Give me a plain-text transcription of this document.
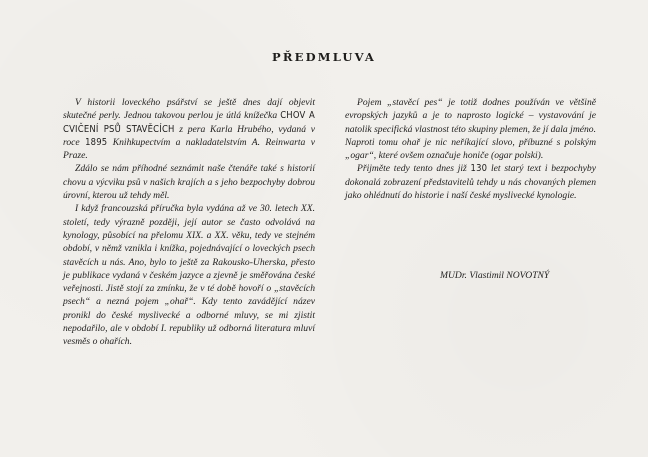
PŘEDMLUVA

V historii loveckého psářství se ještě dnes dají objevit skutečné perly. Jednou takovou perlou je útlá knížečka CHOV A CVIČENÍ PSŮ STAVĚCÍCH z pera Karla Hrubého, vydaná v roce 1895 Knihkupectvím a nakladatelstvím A. Reinwarta v Praze.

Zdálo se nám příhodné seznámit naše čtenáře také s historií chovu a výcviku psů v našich krajích a s jeho bezpochyby dobrou úrovní, kterou už tehdy měl.

I když francouzská příručka byla vydána až ve 30. letech XX. století, tedy výrazně později, její autor se často odvolává na kynology, působící na přelomu XIX. a XX. věku, tedy ve stejném období, v němž vznikla i knížka, pojednávající o loveckých psech stavěcích u nás. Ano, bylo to ještě za Rakousko-Uherska, přesto je publikace vydaná v českém jazyce a zjevně je směřována české veřejnosti. Jistě stojí za zmínku, že v té době hovoří o „stavěcích psech“ a nezná pojem „ohař“. Kdy tento zavádějící název pronikl do české myslivecké a odborné mluvy, se mi zjistit nepodařilo, ale v období I. republiky už odborná literatura mluví vesměs o ohařích.

Pojem „stavěcí pes“ je totiž dodnes používán ve většině evropských jazyků a je to naprosto logické – vystavování je natolik specifická vlastnost této skupiny plemen, že jí dala jméno. Naproti tomu ohař je nic neříkající slovo, příbuzné s polským „ogar“, které ovšem označuje honiče (ogar polski).

Přijměte tedy tento dnes již 130 let starý text i bezpochyby dokonalá zobrazení představitelů tehdy u nás chovaných plemen jako ohlédnutí do historie i naší české myslivecké kynologie.

MUDr. Vlastimil NOVOTNÝ
